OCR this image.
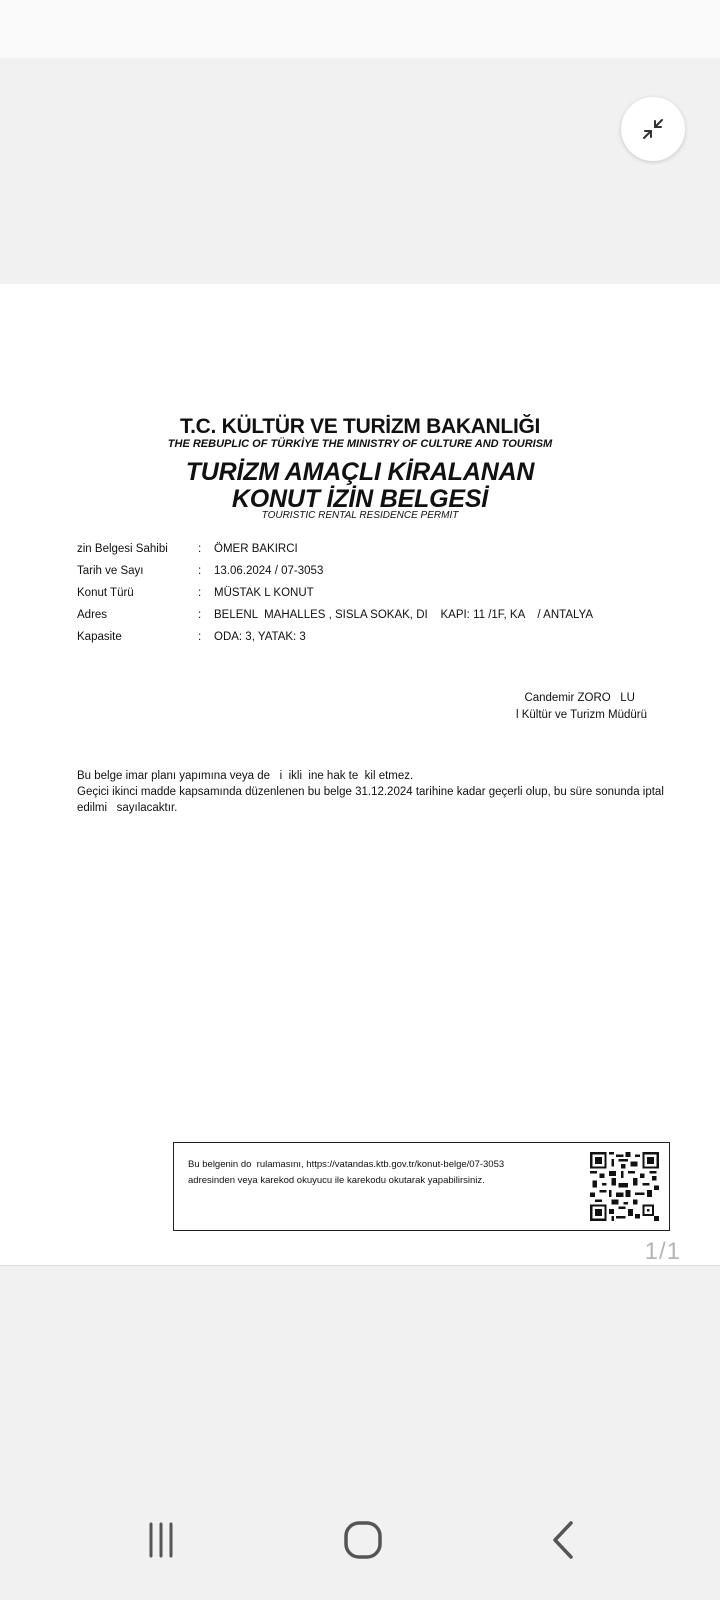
T.C. KÜLTÜR VE TURİZM BAKANLIĞI
THE REBUPLIC OF TÜRKİYE THE MINISTRY OF CULTURE AND TOURISM
TURİZM AMAÇLI KİRALANAN
KONUT İZİN BELGESİ
TOURISTIC RENTAL RESIDENCE PERMIT
zin Belgesi Sahibi	:	ÖMER BAKIRCI
Tarih ve Sayı	:	13.06.2024 / 07-3053
Konut Türü	:	MÜSTAK L KONUT
Adres	:	BELENL  MAHALLES , SISLA SOKAK, DI    KAPI: 11 /1F, KA    / ANTALYA
Kapasite	:	ODA: 3, YATAK: 3
Candemir ZORO   LU
l Kültür ve Turizm Müdürü
Bu belge imar planı yapımına veya de   i  ikli  ine hak te  kil etmez.
Geçici ikinci madde kapsamında düzenlenen bu belge 31.12.2024 tarihine kadar geçerli olup, bu süre sonunda iptal
edilmi   sayılacaktır.
Bu belgenin do  rulamasını, https://vatandas.ktb.gov.tr/konut-belge/07-3053
adresinden veya karekod okuyucu ile karekodu okutarak yapabilirsiniz.
1/1
